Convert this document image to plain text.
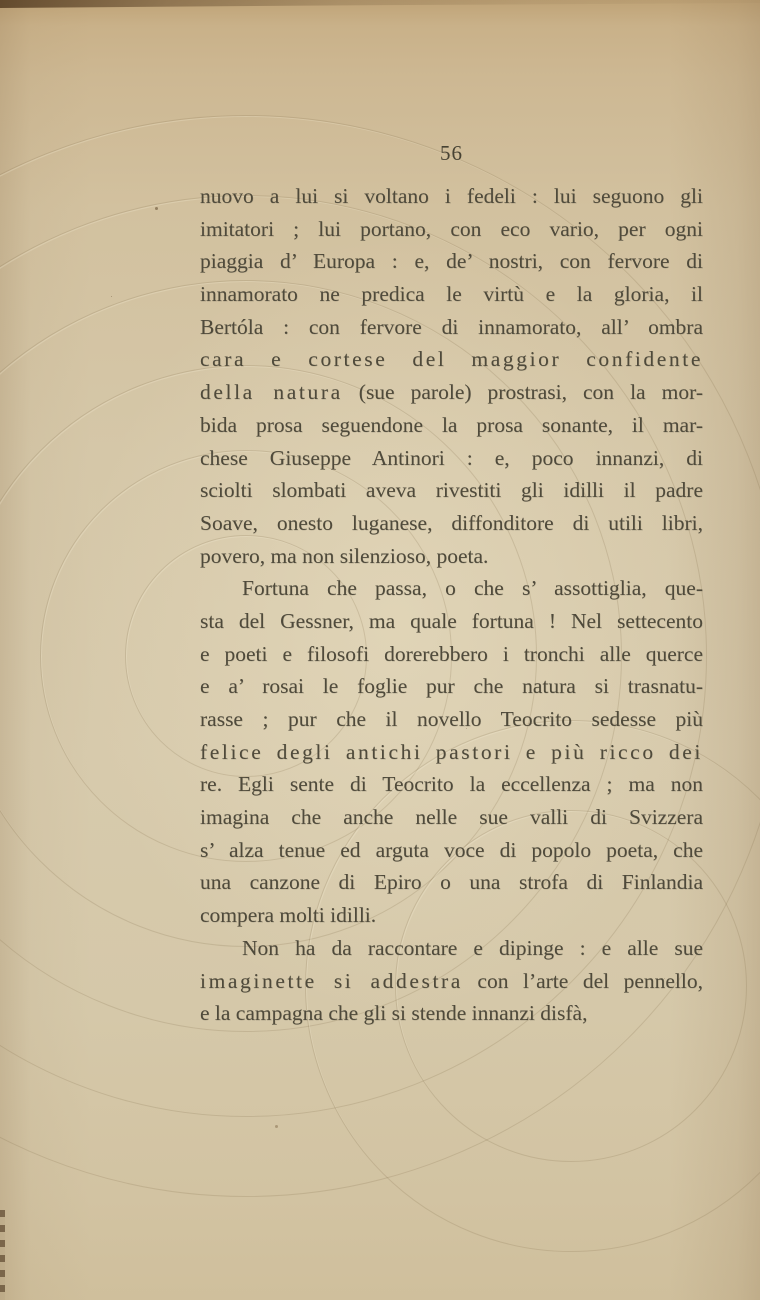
56
nuovo a lui si voltano i fedeli : lui seguono gli
imitatori ; lui portano, con eco vario, per ogni
piaggia d’ Europa : e, de’ nostri, con fervore di
innamorato ne predica le virtù e la gloria, il
Bertóla : con fervore di innamorato, all’ ombra
cara e cortese del maggior confidente
della natura (sue parole) prostrasi, con la mor-
bida prosa seguendone la prosa sonante, il mar-
chese Giuseppe Antinori : e, poco innanzi, di
sciolti slombati aveva rivestiti gli idilli il padre
Soave, onesto luganese, diffonditore di utili libri,
povero, ma non silenzioso, poeta.
Fortuna che passa, o che s’ assottiglia, que-
sta del Gessner, ma quale fortuna ! Nel settecento
e poeti e filosofi dorerebbero i tronchi alle querce
e a’ rosai le foglie pur che natura si trasnatu-
rasse ; pur che il novello Teocrito sedesse più
felice degli antichi pastori e più ricco dei
re. Egli sente di Teocrito la eccellenza ; ma non
imagina che anche nelle sue valli di Svizzera
s’ alza tenue ed arguta voce di popolo poeta, che
una canzone di Epiro o una strofa di Finlandia
compera molti idilli.
Non ha da raccontare e dipinge : e alle sue
imaginette si addestra con l’arte del pennello,
e la campagna che gli si stende innanzi disfà,
